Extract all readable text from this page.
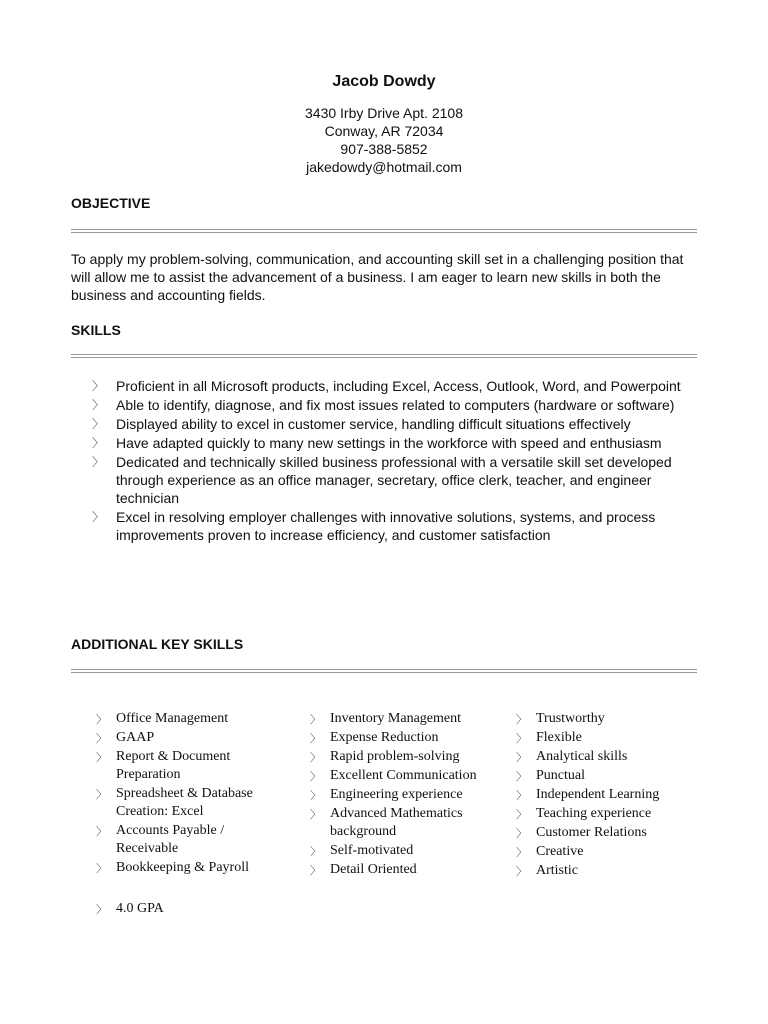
Jacob Dowdy
3430 Irby Drive Apt. 2108
Conway, AR 72034
907-388-5852
jakedowdy@hotmail.com
OBJECTIVE
To apply my problem-solving, communication, and accounting skill set in a challenging position that will allow me to assist the advancement of a business. I am eager to learn new skills in both the business and accounting fields.
SKILLS
〉 Proficient in all Microsoft products, including Excel, Access, Outlook, Word, and Powerpoint
〉 Able to identify, diagnose, and fix most issues related to computers (hardware or software)
〉 Displayed ability to excel in customer service, handling difficult situations effectively
〉 Have adapted quickly to many new settings in the workforce with speed and enthusiasm
〉 Dedicated and technically skilled business professional with a versatile skill set developed through experience as an office manager, secretary, office clerk, teacher, and engineer technician
〉 Excel in resolving employer challenges with innovative solutions, systems, and process improvements proven to increase efficiency, and customer satisfaction
ADDITIONAL KEY SKILLS
〉 Office Management
〉 GAAP
〉 Report & Document Preparation
〉 Spreadsheet & Database Creation: Excel
〉 Accounts Payable / Receivable
〉 Bookkeeping & Payroll
〉 Inventory Management
〉 Expense Reduction
〉 Rapid problem-solving
〉 Excellent Communication
〉 Engineering experience
〉 Advanced Mathematics background
〉 Self-motivated
〉 Detail Oriented
〉 Trustworthy
〉 Flexible
〉 Analytical skills
〉 Punctual
〉 Independent Learning
〉 Teaching experience
〉 Customer Relations
〉 Creative
〉 Artistic
〉 4.0 GPA
